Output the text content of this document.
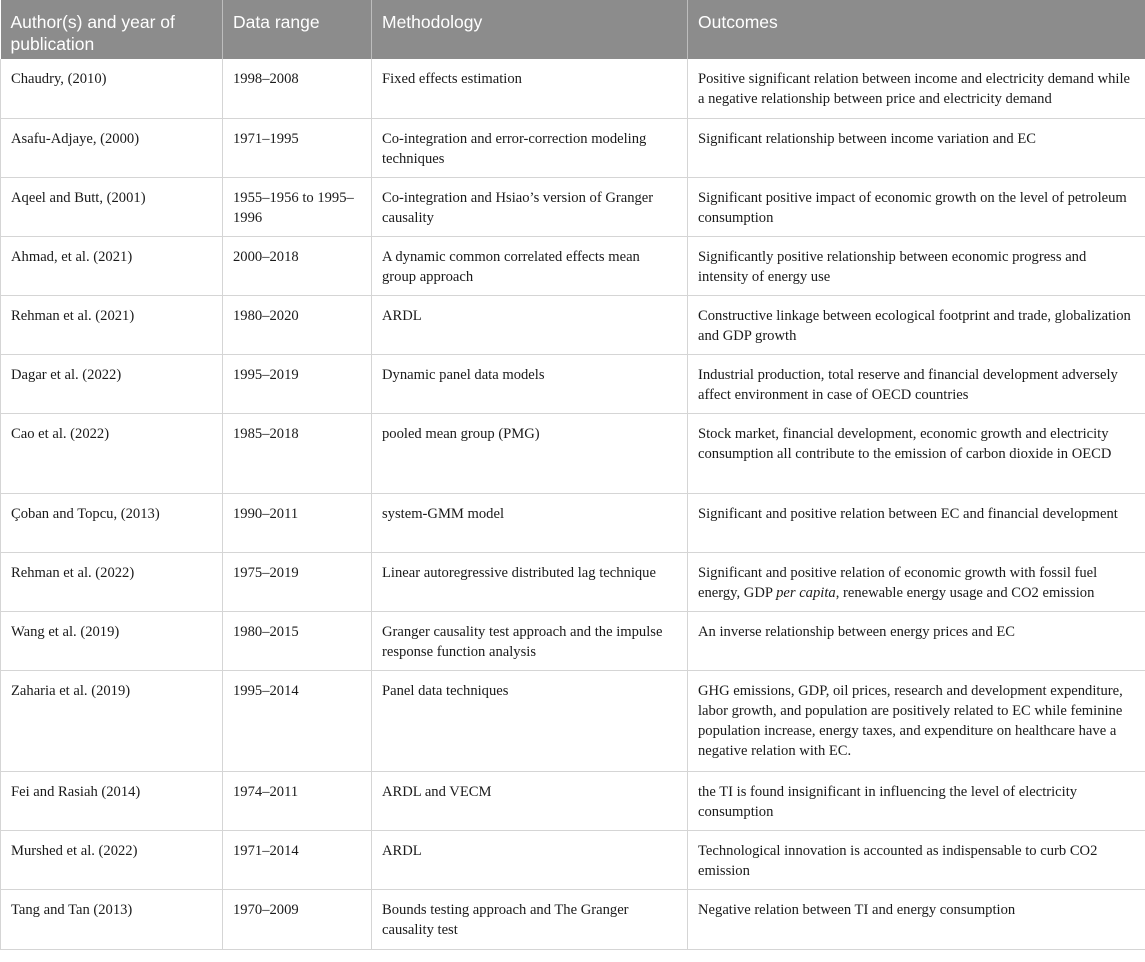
Author(s) and year of publication	Data range	Methodology	Outcomes
Chaudry, (2010)	1998–2008	Fixed effects estimation	Positive significant relation between income and electricity demand while a negative relationship between price and electricity demand
Asafu-Adjaye, (2000)	1971–1995	Co-integration and error-correction modeling techniques	Significant relationship between income variation and EC
Aqeel and Butt, (2001)	1955–1956 to 1995–1996	Co-integration and Hsiao’s version of Granger causality	Significant positive impact of economic growth on the level of petroleum consumption
Ahmad, et al. (2021)	2000–2018	A dynamic common correlated effects mean group approach	Significantly positive relationship between economic progress and intensity of energy use
Rehman et al. (2021)	1980–2020	ARDL	Constructive linkage between ecological footprint and trade, globalization and GDP growth
Dagar et al. (2022)	1995–2019	Dynamic panel data models	Industrial production, total reserve and financial development adversely affect environment in case of OECD countries
Cao et al. (2022)	1985–2018	pooled mean group (PMG)	Stock market, financial development, economic growth and electricity consumption all contribute to the emission of carbon dioxide in OECD
Çoban and Topcu, (2013)	1990–2011	system-GMM model	Significant and positive relation between EC and financial development
Rehman et al. (2022)	1975–2019	Linear autoregressive distributed lag technique	Significant and positive relation of economic growth with fossil fuel energy, GDP per capita, renewable energy usage and CO2 emission
Wang et al. (2019)	1980–2015	Granger causality test approach and the impulse response function analysis	An inverse relationship between energy prices and EC
Zaharia et al. (2019)	1995–2014	Panel data techniques	GHG emissions, GDP, oil prices, research and development expenditure, labor growth, and population are positively related to EC while feminine population increase, energy taxes, and expenditure on healthcare have a negative relation with EC.
Fei and Rasiah (2014)	1974–2011	ARDL and VECM	the TI is found insignificant in influencing the level of electricity consumption
Murshed et al. (2022)	1971–2014	ARDL	Technological innovation is accounted as indispensable to curb CO2 emission
Tang and Tan (2013)	1970–2009	Bounds testing approach and The Granger causality test	Negative relation between TI and energy consumption
